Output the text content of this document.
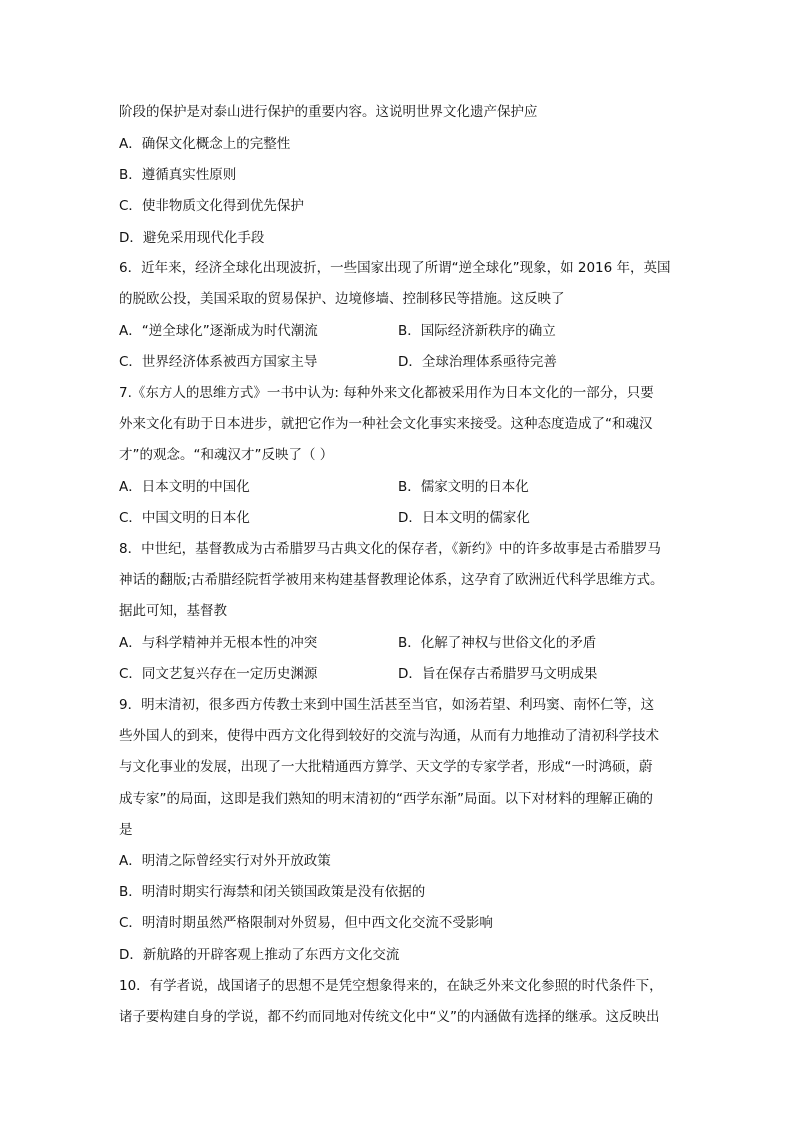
阶段的保护是对泰山进行保护的重要内容。这说明世界文化遗产保护应
A．确保文化概念上的完整性
B．遵循真实性原则
C．使非物质文化得到优先保护
D．避免采用现代化手段
6．近年来，经济全球化出现波折，一些国家出现了所谓“逆全球化”现象，如 2016 年，英国
的脱欧公投，美国采取的贸易保护、边境修墙、控制移民等措施。这反映了
A．“逆全球化”逐渐成为时代潮流	B．国际经济新秩序的确立
C．世界经济体系被西方国家主导	D．全球治理体系亟待完善
7.《东方人的思维方式》一书中认为: 每种外来文化都被采用作为日本文化的一部分，只要
外来文化有助于日本进步，就把它作为一种社会文化事实来接受。这种态度造成了“和魂汉
才”的观念。“和魂汉才”反映了（ ）
A．日本文明的中国化	B．儒家文明的日本化
C．中国文明的日本化	D．日本文明的儒家化
8．中世纪，基督教成为古希腊罗马古典文化的保存者，《新约》中的许多故事是古希腊罗马
神话的翻版;古希腊经院哲学被用来构建基督教理论体系，这孕育了欧洲近代科学思维方式。
据此可知，基督教
A．与科学精神并无根本性的冲突	B．化解了神权与世俗文化的矛盾
C．同文艺复兴存在一定历史渊源	D．旨在保存古希腊罗马文明成果
9．明末清初，很多西方传教士来到中国生活甚至当官，如汤若望、利玛窦、南怀仁等，这
些外国人的到来，使得中西方文化得到较好的交流与沟通，从而有力地推动了清初科学技术
与文化事业的发展，出现了一大批精通西方算学、天文学的专家学者，形成“一时鸿硕，蔚
成专家”的局面，这即是我们熟知的明末清初的“西学东渐”局面。以下对材料的理解正确的
是
A．明清之际曾经实行对外开放政策
B．明清时期实行海禁和闭关锁国政策是没有依据的
C．明清时期虽然严格限制对外贸易，但中西文化交流不受影响
D．新航路的开辟客观上推动了东西方文化交流
10．有学者说，战国诸子的思想不是凭空想象得来的，在缺乏外来文化参照的时代条件下，
诸子要构建自身的学说，都不约而同地对传统文化中“义”的内涵做有选择的继承。这反映出
